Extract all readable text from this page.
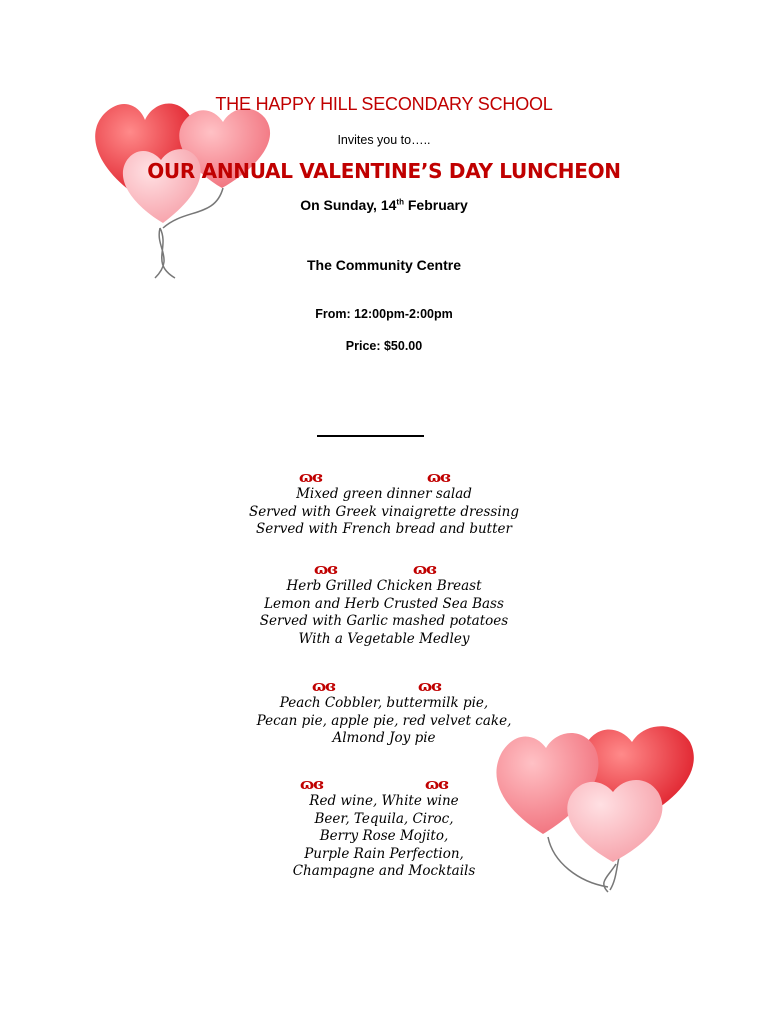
THE HAPPY HILL SECONDARY SCHOOL
Invites you to…..
OUR ANNUAL VALENTINE’S DAY LUNCHEON
On Sunday, 14th February
The Community Centre
From: 12:00pm-2:00pm
Price: $50.00
ɷɞ	ɷɞ
Mixed green dinner salad
Served with Greek vinaigrette dressing
Served with French bread and butter
ɷɞ	ɷɞ
Herb Grilled Chicken Breast
Lemon and Herb Crusted Sea Bass
Served with Garlic mashed potatoes
With a Vegetable Medley
ɷɞ	ɷɞ
Peach Cobbler, buttermilk pie,
Pecan pie, apple pie, red velvet cake,
Almond Joy pie
ɷɞ	ɷɞ
Red wine, White wine
Beer, Tequila, Ciroc,
Berry Rose Mojito,
Purple Rain Perfection,
Champagne and Mocktails
